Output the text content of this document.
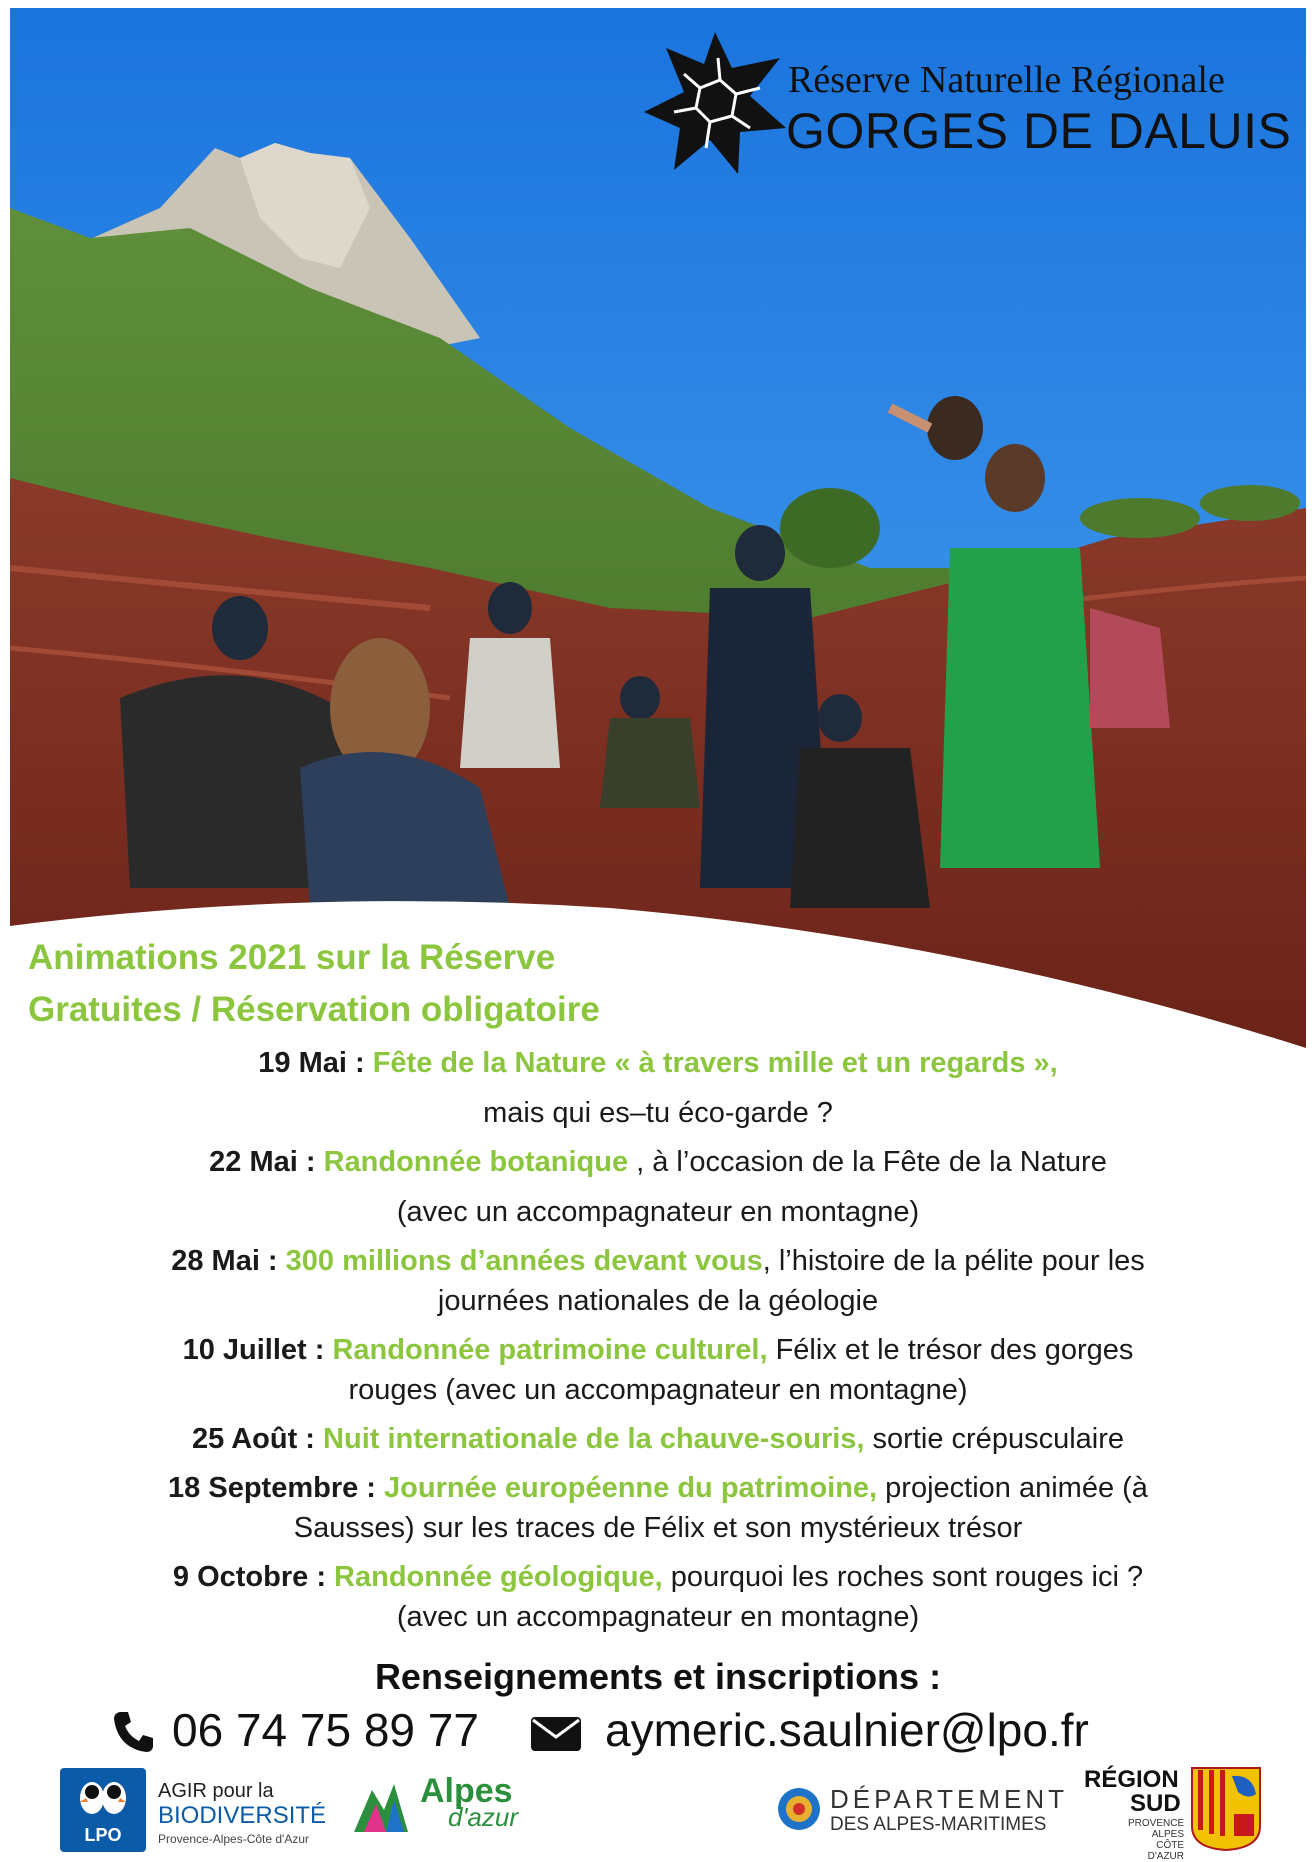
Réserve Naturelle Régionale
GORGES DE DALUIS
Animations 2021 sur la Réserve
Gratuites / Réservation obligatoire
19 Mai : Fête de la Nature « à travers mille et un regards »,
mais qui es–tu éco-garde ?
22 Mai : Randonnée botanique , à l’occasion de la Fête de la Nature
(avec un accompagnateur en montagne)
28 Mai : 300 millions d’années devant vous, l’histoire de la pélite pour les
journées nationales de la géologie
10 Juillet : Randonnée patrimoine culturel, Félix et le trésor des gorges
rouges (avec un accompagnateur en montagne)
25 Août : Nuit internationale de la chauve-souris, sortie crépusculaire
18 Septembre : Journée européenne du patrimoine, projection animée (à
Sausses) sur les traces de Félix et son mystérieux trésor
9 Octobre : Randonnée géologique, pourquoi les roches sont rouges ici ?
(avec un accompagnateur en montagne)
Renseignements et inscriptions :
06 74 75 89 77	aymeric.saulnier@lpo.fr
LPO
AGIR pour la
BIODIVERSITÉ
Provence-Alpes-Côte d'Azur
Alpes
d'azur
DÉPARTEMENT
DES ALPES-MARITIMES
RÉGION
SUD
PROVENCE ALPES CÔTE D'AZUR
